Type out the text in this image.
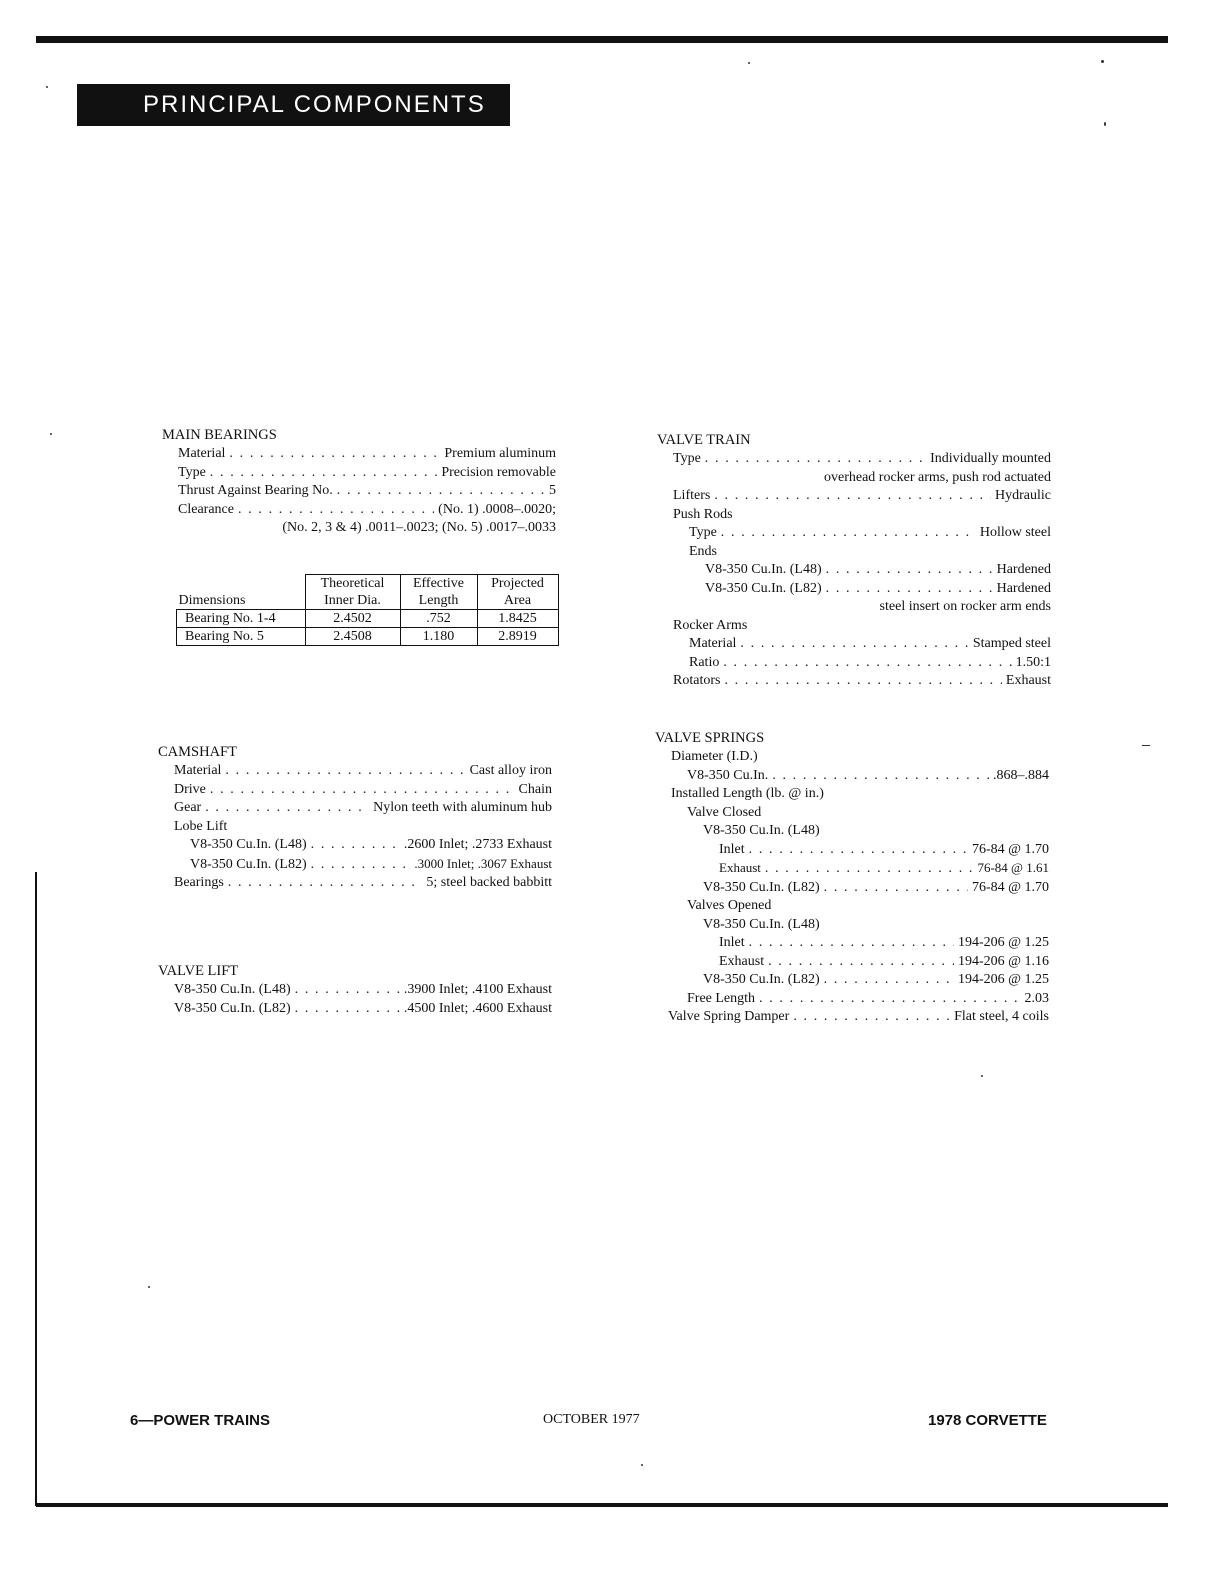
PRINCIPAL COMPONENTS
MAIN BEARINGS
Material . . .	Premium aluminum
Type . . .	Precision removable
Thrust Against Bearing No. . . .	5
Clearance . . .	(No. 1) .0008–.0020;
(No. 2, 3 & 4) .0011–.0023; (No. 5) .0017–.0033
Dimensions	Theoretical	Effective	Projected
	Inner Dia.	Length	Area
Bearing No. 1-4	2.4502	.752	1.8425
Bearing No. 5	2.4508	1.180	2.8919
CAMSHAFT
Material . . .	Cast alloy iron
Drive . . .	Chain
Gear . . .	Nylon teeth with aluminum hub
Lobe Lift
V8-350 Cu.In. (L48) . . .	.2600 Inlet; .2733 Exhaust
V8-350 Cu.In. (L82) . . .	.3000 Inlet; .3067 Exhaust
Bearings . . .	5; steel backed babbitt
VALVE LIFT
V8-350 Cu.In. (L48) . . .	.3900 Inlet; .4100 Exhaust
V8-350 Cu.In. (L82) . . .	.4500 Inlet; .4600 Exhaust
VALVE TRAIN
Type . . .	Individually mounted
overhead rocker arms, push rod actuated
Lifters . . .	Hydraulic
Push Rods
Type . . .	Hollow steel
Ends
V8-350 Cu.In. (L48) . . .	Hardened
V8-350 Cu.In. (L82) . . .	Hardened
steel insert on rocker arm ends
Rocker Arms
Material . . .	Stamped steel
Ratio . . .	1.50:1
Rotators . . .	Exhaust
VALVE SPRINGS
Diameter (I.D.)
V8-350 Cu.In. . . .	.868–.884
Installed Length (lb. @ in.)
Valve Closed
V8-350 Cu.In. (L48)
Inlet . . .	76-84 @ 1.70
Exhaust . . .	76-84 @ 1.61
V8-350 Cu.In. (L82) . . .	76-84 @ 1.70
Valves Opened
V8-350 Cu.In. (L48)
Inlet . . .	194-206 @ 1.25
Exhaust . . .	194-206 @ 1.16
V8-350 Cu.In. (L82) . . .	194-206 @ 1.25
Free Length . . .	2.03
Valve Spring Damper . . .	Flat steel, 4 coils
6—POWER TRAINS	OCTOBER 1977	1978 CORVETTE
